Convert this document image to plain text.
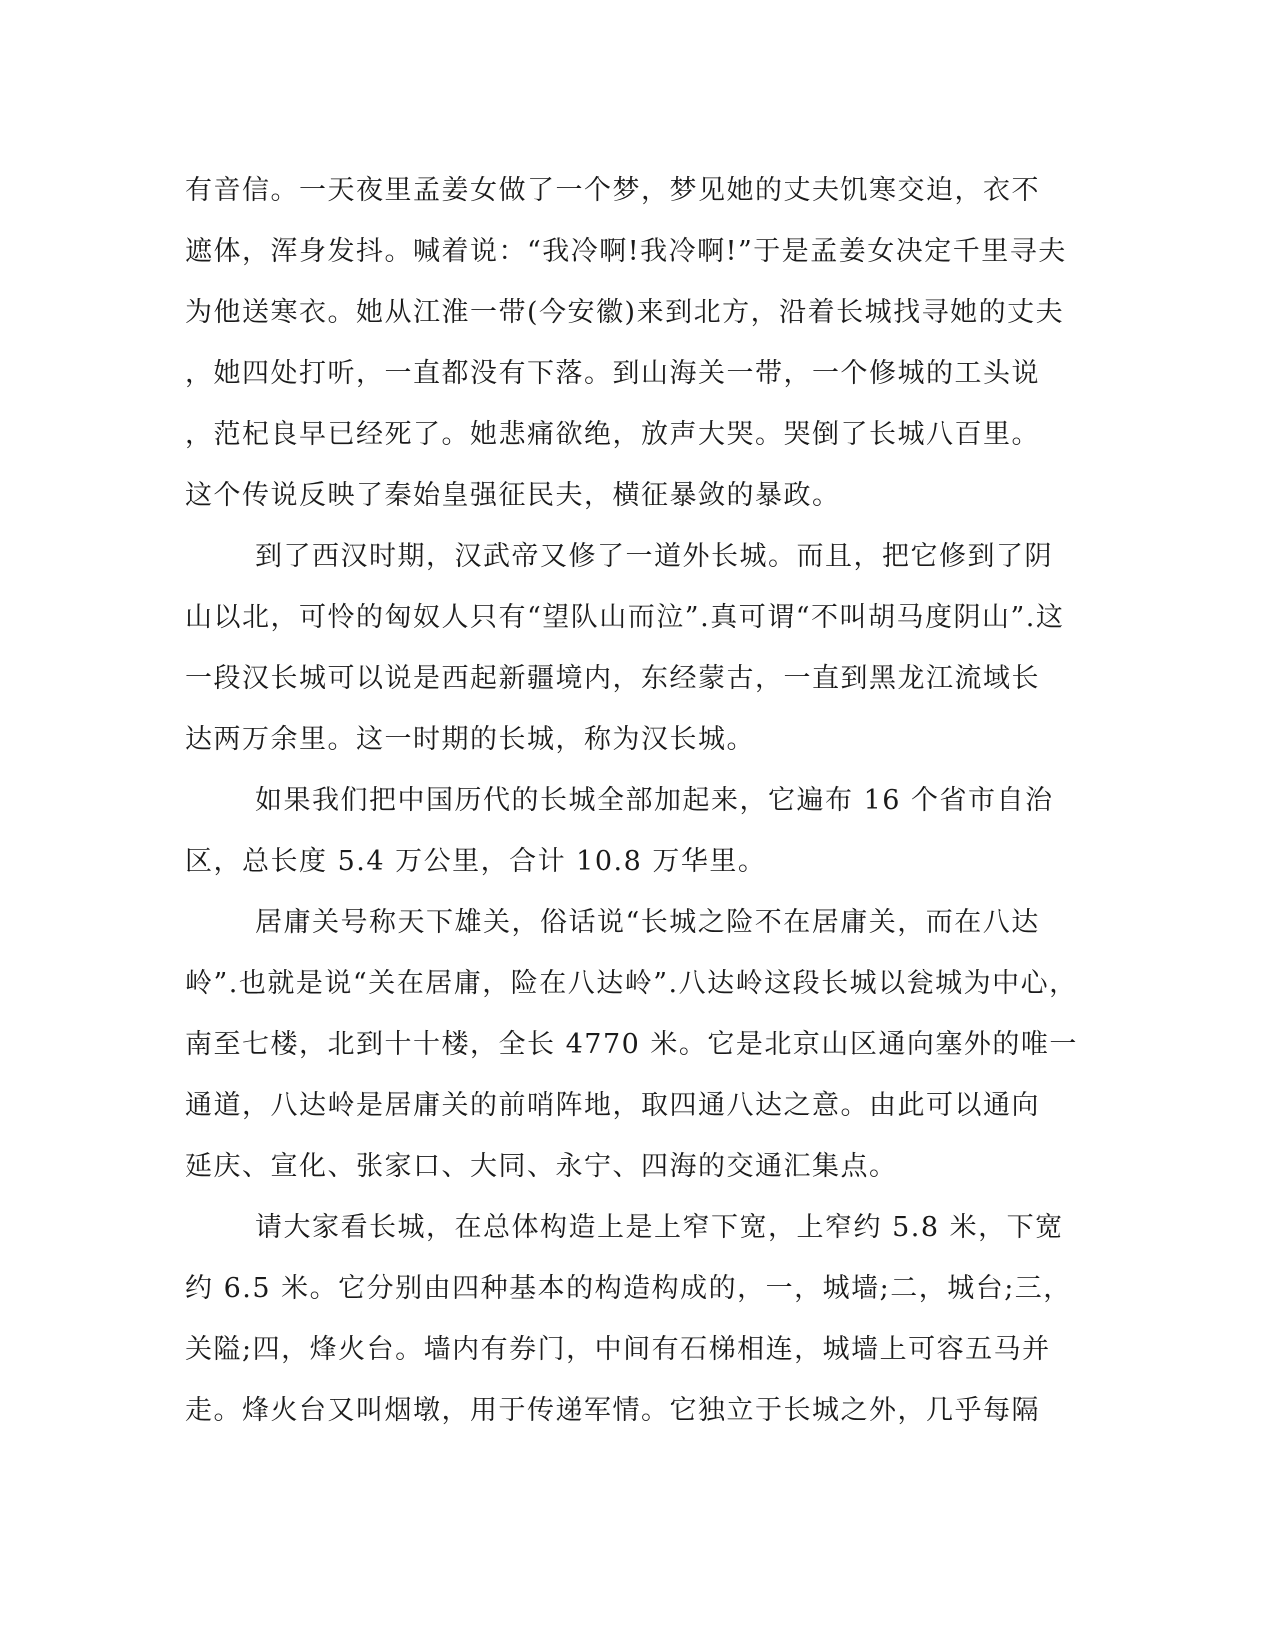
有音信。一天夜里孟姜女做了一个梦，梦见她的丈夫饥寒交迫，衣不
遮体，浑身发抖。喊着说：“我冷啊!我冷啊!”于是孟姜女决定千里寻夫
为他送寒衣。她从江淮一带(今安徽)来到北方，沿着长城找寻她的丈夫
，她四处打听，一直都没有下落。到山海关一带，一个修城的工头说
，范杞良早已经死了。她悲痛欲绝，放声大哭。哭倒了长城八百里。
这个传说反映了秦始皇强征民夫，横征暴敛的暴政。
到了西汉时期，汉武帝又修了一道外长城。而且，把它修到了阴
山以北，可怜的匈奴人只有“望队山而泣”.真可谓“不叫胡马度阴山”.这
一段汉长城可以说是西起新疆境内，东经蒙古，一直到黑龙江流域长
达两万余里。这一时期的长城，称为汉长城。
如果我们把中国历代的长城全部加起来，它遍布 16 个省市自治
区，总长度 5.4 万公里，合计 10.8 万华里。
居庸关号称天下雄关，俗话说“长城之险不在居庸关，而在八达
岭”.也就是说“关在居庸，险在八达岭”.八达岭这段长城以瓮城为中心，
南至七楼，北到十十楼，全长 4770 米。它是北京山区通向塞外的唯一
通道，八达岭是居庸关的前哨阵地，取四通八达之意。由此可以通向
延庆、宣化、张家口、大同、永宁、四海的交通汇集点。
请大家看长城，在总体构造上是上窄下宽，上窄约 5.8 米，下宽
约 6.5 米。它分别由四种基本的构造构成的，一，城墙;二，城台;三，
关隘;四，烽火台。墙内有券门，中间有石梯相连，城墙上可容五马并
走。烽火台又叫烟墩，用于传递军情。它独立于长城之外，几乎每隔
